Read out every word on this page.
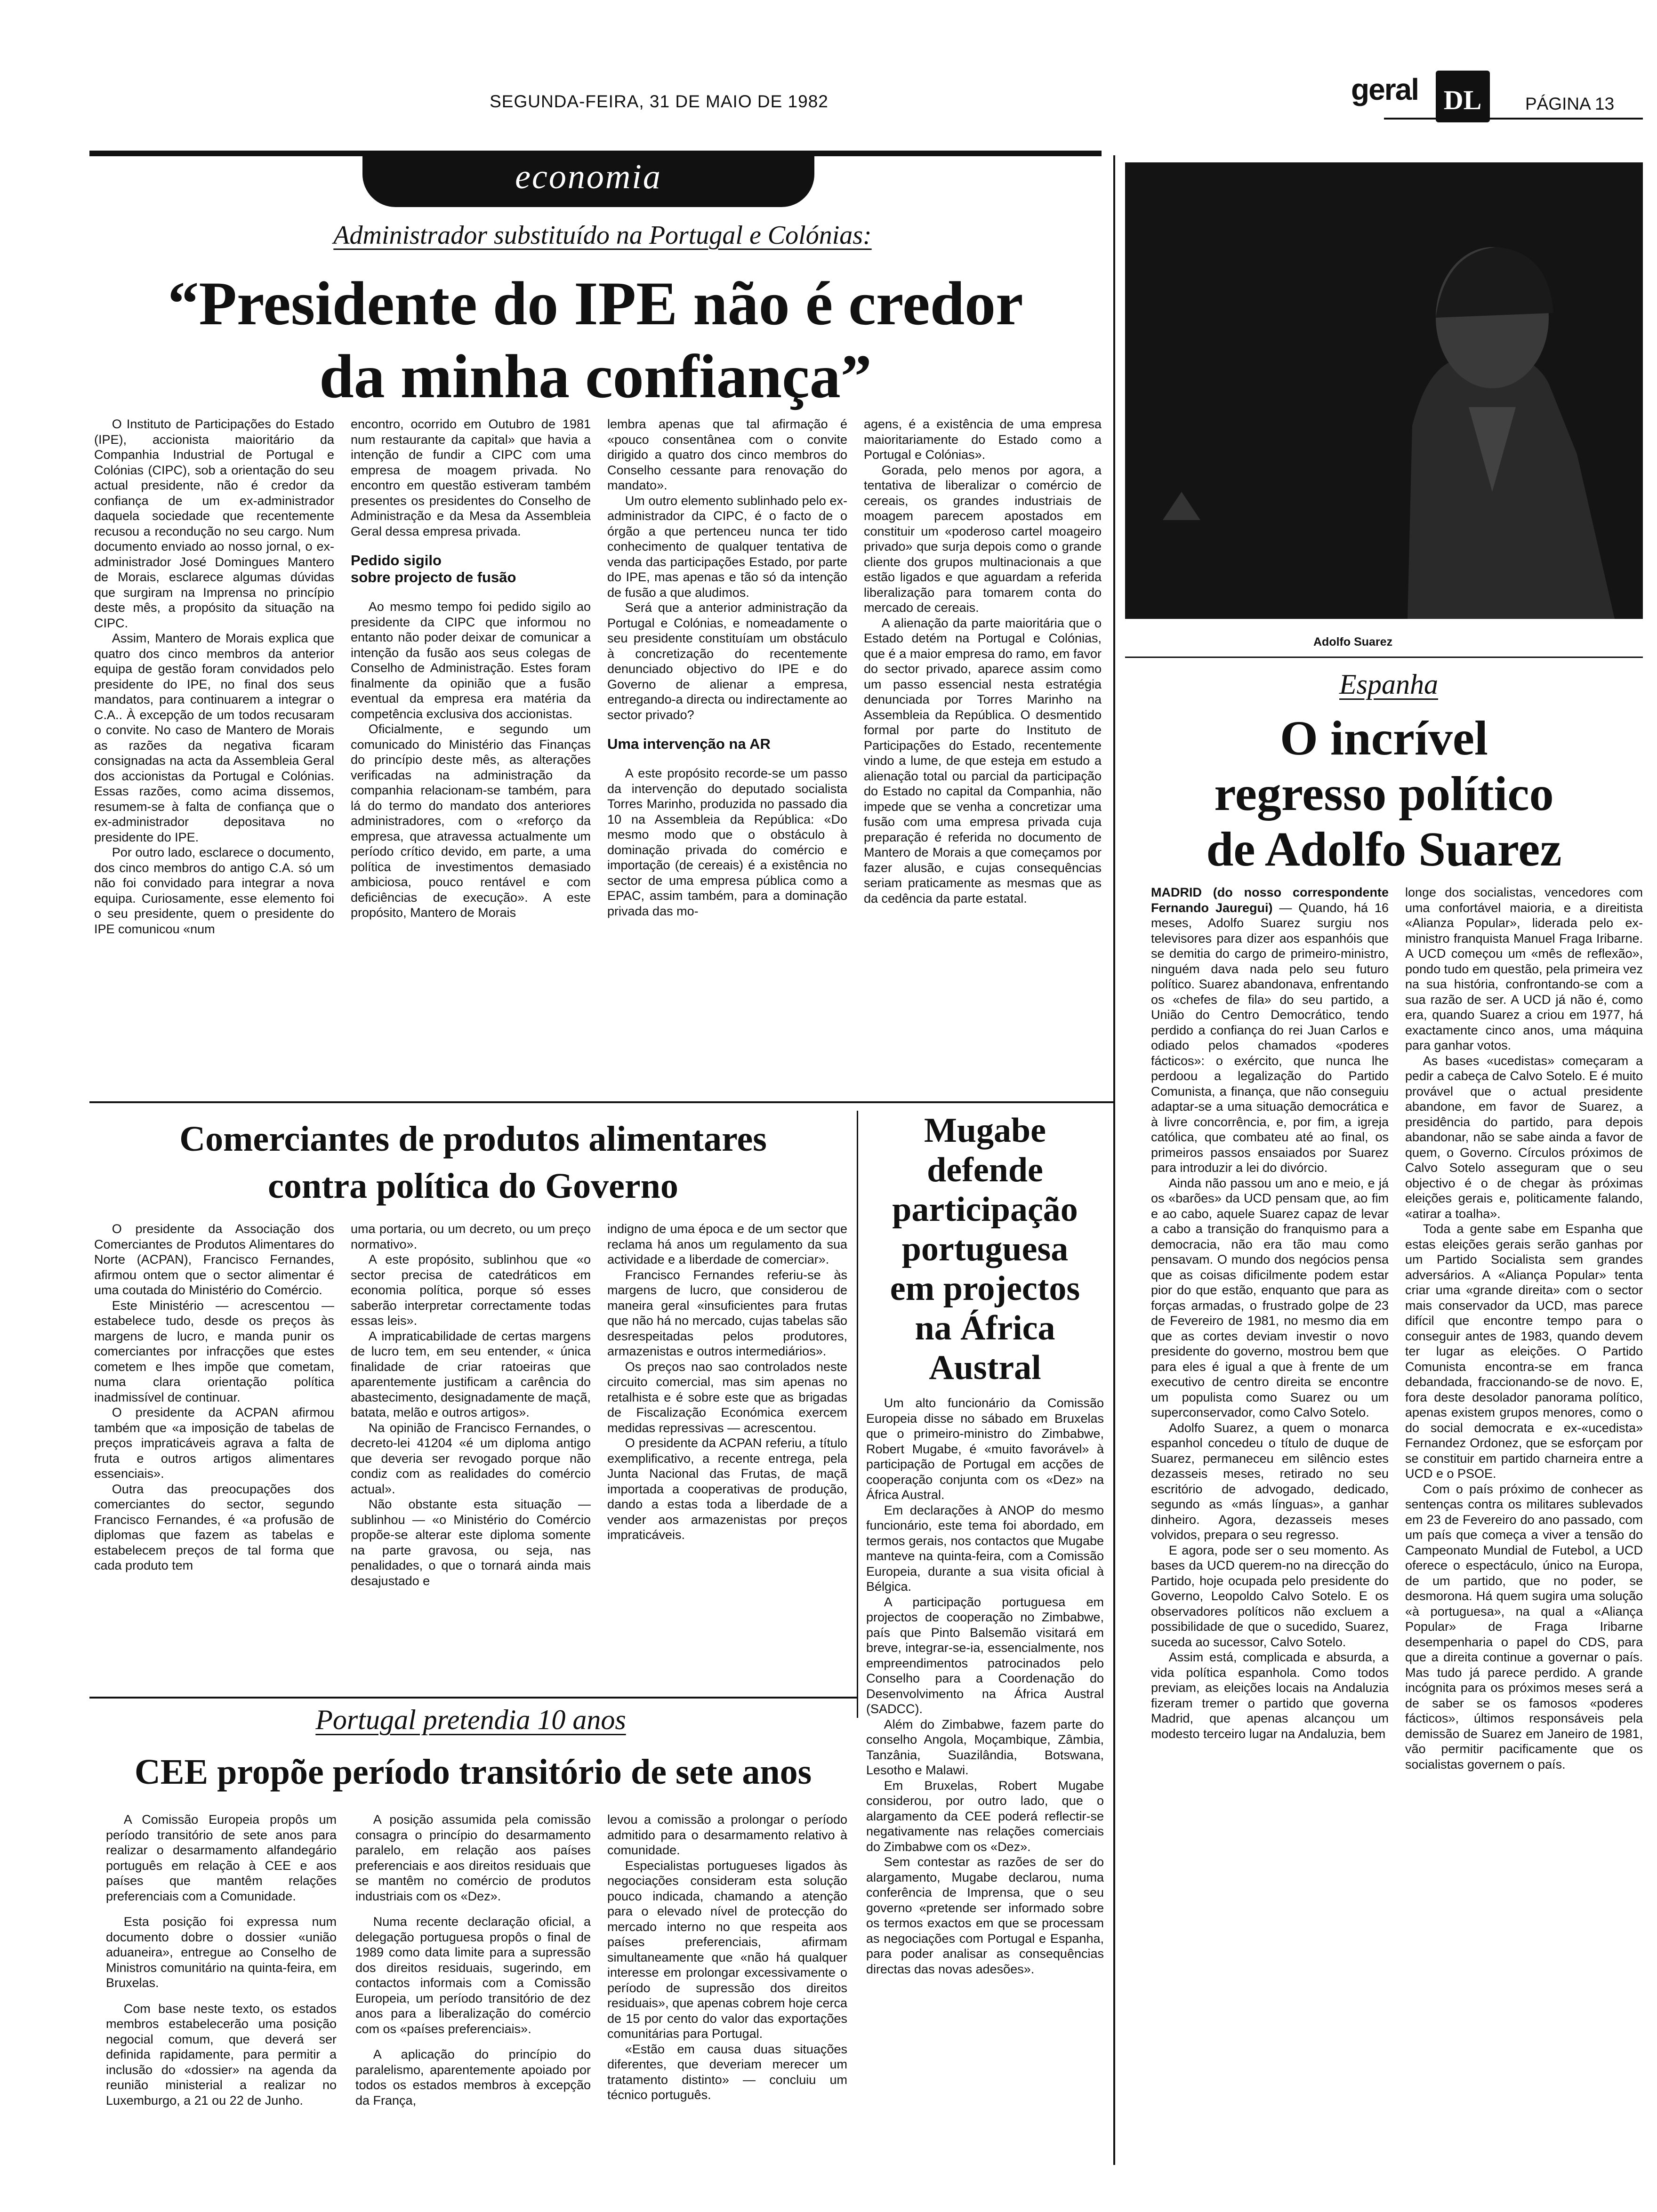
SEGUNDA-FEIRA, 31 DE MAIO DE 1982	geral DL	PÁGINA 13
economia
Administrador substituído na Portugal e Colónias:
“Presidente do IPE não é credor
da minha confiança”

O Instituto de Participações do Estado (IPE), accionista maioritário da Companhia Industrial de Portugal e Colónias (CIPC), sob a orientação do seu actual presidente, não é credor da confiança de um ex-administrador daquela sociedade que recentemente recusou a recondução no seu cargo. Num documento enviado ao nosso jornal, o ex-administrador José Domingues Mantero de Morais, esclarece algumas dúvidas que surgiram na Imprensa no princípio deste mês, a propósito da situação na CIPC.

Assim, Mantero de Morais explica que quatro dos cinco membros da anterior equipa de gestão foram convidados pelo presidente do IPE, no final dos seus mandatos, para continuarem a integrar o C.A.. À excepção de um todos recusaram o convite. No caso de Mantero de Morais as razões da negativa ficaram consignadas na acta da Assembleia Geral dos accionistas da Portugal e Colónias. Essas razões, como acima dissemos, resumem-se à falta de confiança que o ex-administrador depositava no presidente do IPE.

Por outro lado, esclarece o documento, dos cinco membros do antigo C.A. só um não foi convidado para integrar a nova equipa. Curiosamente, esse elemento foi o seu presidente, quem o presidente do IPE comunicou «num

encontro, ocorrido em Outubro de 1981 num restaurante da capital» que havia a intenção de fundir a CIPC com uma empresa de moagem privada. No encontro em questão estiveram também presentes os presidentes do Conselho de Administração e da Mesa da Assembleia Geral dessa empresa privada.

Pedido sigilo
sobre projecto de fusão

Ao mesmo tempo foi pedido sigilo ao presidente da CIPC que informou no entanto não poder deixar de comunicar a intenção da fusão aos seus colegas de Conselho de Administração. Estes foram finalmente da opinião que a fusão eventual da empresa era matéria da competência exclusiva dos accionistas.

Oficialmente, e segundo um comunicado do Ministério das Finanças do princípio deste mês, as alterações verificadas na administração da companhia relacionam-se também, para lá do termo do mandato dos anteriores administradores, com o «reforço da empresa, que atravessa actualmente um período crítico devido, em parte, a uma política de investimentos demasiado ambiciosa, pouco rentável e com deficiências de execução». A este propósito, Mantero de Morais

lembra apenas que tal afirmação é «pouco consentânea com o convite dirigido a quatro dos cinco membros do Conselho cessante para renovação do mandato».

Um outro elemento sublinhado pelo ex-administrador da CIPC, é o facto de o órgão a que pertenceu nunca ter tido conhecimento de qualquer tentativa de venda das participações Estado, por parte do IPE, mas apenas e tão só da intenção de fusão a que aludimos.

Será que a anterior administração da Portugal e Colónias, e nomeadamente o seu presidente constituíam um obstáculo à concretização do recentemente denunciado objectivo do IPE e do Governo de alienar a empresa, entregando-a directa ou indirectamente ao sector privado?

Uma intervenção na AR

A este propósito recorde-se um passo da intervenção do deputado socialista Torres Marinho, produzida no passado dia 10 na Assembleia da República: «Do mesmo modo que o obstáculo à dominação privada do comércio e importação (de cereais) é a existência no sector de uma empresa pública como a EPAC, assim também, para a dominação privada das mo-

agens, é a existência de uma empresa maioritariamente do Estado como a Portugal e Colónias».

Gorada, pelo menos por agora, a tentativa de liberalizar o comércio de cereais, os grandes industriais de moagem parecem apostados em constituir um «poderoso cartel moageiro privado» que surja depois como o grande cliente dos grupos multinacionais a que estão ligados e que aguardam a referida liberalização para tomarem conta do mercado de cereais.

A alienação da parte maioritária que o Estado detém na Portugal e Colónias, que é a maior empresa do ramo, em favor do sector privado, aparece assim como um passo essencial nesta estratégia denunciada por Torres Marinho na Assembleia da República. O desmentido formal por parte do Instituto de Participações do Estado, recentemente vindo a lume, de que esteja em estudo a alienação total ou parcial da participação do Estado no capital da Companhia, não impede que se venha a concretizar uma fusão com uma empresa privada cuja preparação é referida no documento de Mantero de Morais a que começamos por fazer alusão, e cujas consequências seriam praticamente as mesmas que as da cedência da parte estatal.

Adolfo Suarez
Espanha
O incrível
regresso político
de Adolfo Suarez

MADRID (do nosso correspondente Fernando Jauregui) — Quando, há 16 meses, Adolfo Suarez surgiu nos televisores para dizer aos espanhóis que se demitia do cargo de primeiro-ministro, ninguém dava nada pelo seu futuro político. Suarez abandonava, enfrentando os «chefes de fila» do seu partido, a União do Centro Democrático, tendo perdido a confiança do rei Juan Carlos e odiado pelos chamados «poderes fácticos»: o exército, que nunca lhe perdoou a legalização do Partido Comunista, a finança, que não conseguiu adaptar-se a uma situação democrática e à livre concorrência, e, por fim, a igreja católica, que combateu até ao final, os primeiros passos ensaiados por Suarez para introduzir a lei do divórcio.

Ainda não passou um ano e meio, e já os «barões» da UCD pensam que, ao fim e ao cabo, aquele Suarez capaz de levar a cabo a transição do franquismo para a democracia, não era tão mau como pensavam. O mundo dos negócios pensa que as coisas dificilmente podem estar pior do que estão, enquanto que para as forças armadas, o frustrado golpe de 23 de Fevereiro de 1981, no mesmo dia em que as cortes deviam investir o novo presidente do governo, mostrou bem que para eles é igual a que à frente de um executivo de centro direita se encontre um populista como Suarez ou um superconservador, como Calvo Sotelo.

Adolfo Suarez, a quem o monarca espanhol concedeu o título de duque de Suarez, permaneceu em silêncio estes dezasseis meses, retirado no seu escritório de advogado, dedicado, segundo as «más línguas», a ganhar dinheiro. Agora, dezasseis meses volvidos, prepara o seu regresso.

E agora, pode ser o seu momento. As bases da UCD querem-no na direcção do Partido, hoje ocupada pelo presidente do Governo, Leopoldo Calvo Sotelo. E os observadores políticos não excluem a possibilidade de que o sucedido, Suarez, suceda ao sucessor, Calvo Sotelo.

Assim está, complicada e absurda, a vida política espanhola. Como todos previam, as eleições locais na Andaluzia fizeram tremer o partido que governa Madrid, que apenas alcançou um modesto terceiro lugar na Andaluzia, bem

longe dos socialistas, vencedores com uma confortável maioria, e a direitista «Alianza Popular», liderada pelo ex-ministro franquista Manuel Fraga Iribarne. A UCD começou um «mês de reflexão», pondo tudo em questão, pela primeira vez na sua história, confrontando-se com a sua razão de ser. A UCD já não é, como era, quando Suarez a criou em 1977, há exactamente cinco anos, uma máquina para ganhar votos.

As bases «ucedistas» começaram a pedir a cabeça de Calvo Sotelo. E é muito provável que o actual presidente abandone, em favor de Suarez, a presidência do partido, para depois abandonar, não se sabe ainda a favor de quem, o Governo. Círculos próximos de Calvo Sotelo asseguram que o seu objectivo é o de chegar às próximas eleições gerais e, politicamente falando, «atirar a toalha».

Toda a gente sabe em Espanha que estas eleições gerais serão ganhas por um Partido Socialista sem grandes adversários. A «Aliança Popular» tenta criar uma «grande direita» com o sector mais conservador da UCD, mas parece difícil que encontre tempo para o conseguir antes de 1983, quando devem ter lugar as eleições. O Partido Comunista encontra-se em franca debandada, fraccionando-se de novo. E, fora deste desolador panorama político, apenas existem grupos menores, como o do social democrata e ex-«ucedista» Fernandez Ordonez, que se esforçam por se constituir em partido charneira entre a UCD e o PSOE.

Com o país próximo de conhecer as sentenças contra os militares sublevados em 23 de Fevereiro do ano passado, com um país que começa a viver a tensão do Campeonato Mundial de Futebol, a UCD oferece o espectáculo, único na Europa, de um partido, que no poder, se desmorona. Há quem sugira uma solução «à portuguesa», na qual a «Aliança Popular» de Fraga Iribarne desempenharia o papel do CDS, para que a direita continue a governar o país. Mas tudo já parece perdido. A grande incógnita para os próximos meses será a de saber se os famosos «poderes fácticos», últimos responsáveis pela demissão de Suarez em Janeiro de 1981, vão permitir pacificamente que os socialistas governem o país.

Comerciantes de produtos alimentares
contra política do Governo

O presidente da Associação dos Comerciantes de Produtos Alimentares do Norte (ACPAN), Francisco Fernandes, afirmou ontem que o sector alimentar é uma coutada do Ministério do Comércio.

Este Ministério — acrescentou — estabelece tudo, desde os preços às margens de lucro, e manda punir os comerciantes por infracções que estes cometem e lhes impõe que cometam, numa clara orientação política inadmissível de continuar.

O presidente da ACPAN afirmou também que «a imposição de tabelas de preços impraticáveis agrava a falta de fruta e outros artigos alimentares essenciais».

Outra das preocupações dos comerciantes do sector, segundo Francisco Fernandes, é «a profusão de diplomas que fazem as tabelas e estabelecem preços de tal forma que cada produto tem

uma portaria, ou um decreto, ou um preço normativo».

A este propósito, sublinhou que «o sector precisa de catedráticos em economia política, porque só esses saberão interpretar correctamente todas essas leis».

A impraticabilidade de certas margens de lucro tem, em seu entender, « única finalidade de criar ratoeiras que aparentemente justificam a carência do abastecimento, designadamente de maçã, batata, melão e outros artigos».

Na opinião de Francisco Fernandes, o decreto-lei 41204 «é um diploma antigo que deveria ser revogado porque não condiz com as realidades do comércio actual».

Não obstante esta situação — sublinhou — «o Ministério do Comércio propõe-se alterar este diploma somente na parte gravosa, ou seja, nas penalidades, o que o tornará ainda mais desajustado e

indigno de uma época e de um sector que reclama há anos um regulamento da sua actividade e a liberdade de comerciar».

Francisco Fernandes referiu-se às margens de lucro, que considerou de maneira geral «insuficientes para frutas que não há no mercado, cujas tabelas são desrespeitadas pelos produtores, armazenistas e outros intermediários».

Os preços nao sao controlados neste circuito comercial, mas sim apenas no retalhista e é sobre este que as brigadas de Fiscalização Económica exercem medidas repressivas — acrescentou.

O presidente da ACPAN referiu, a título exemplificativo, a recente entrega, pela Junta Nacional das Frutas, de maçã importada a cooperativas de produção, dando a estas toda a liberdade de a vender aos armazenistas por preços impraticáveis.

Mugabe
defende
participação
portuguesa
em projectos
na África
Austral

Um alto funcionário da Comissão Europeia disse no sábado em Bruxelas que o primeiro-ministro do Zimbabwe, Robert Mugabe, é «muito favorável» à participação de Portugal em acções de cooperação conjunta com os «Dez» na África Austral.

Em declarações à ANOP do mesmo funcionário, este tema foi abordado, em termos gerais, nos contactos que Mugabe manteve na quinta-feira, com a Comissão Europeia, durante a sua visita oficial à Bélgica.

A participação portuguesa em projectos de cooperação no Zimbabwe, país que Pinto Balsemão visitará em breve, integrar-se-ia, essencialmente, nos empreendimentos patrocinados pelo Conselho para a Coordenação do Desenvolvimento na África Austral (SADCC).

Além do Zimbabwe, fazem parte do conselho Angola, Moçambique, Zâmbia, Tanzânia, Suazilândia, Botswana, Lesotho e Malawi.

Em Bruxelas, Robert Mugabe considerou, por outro lado, que o alargamento da CEE poderá reflectir-se negativamente nas relações comerciais do Zimbabwe com os «Dez».

Sem contestar as razões de ser do alargamento, Mugabe declarou, numa conferência de Imprensa, que o seu governo «pretende ser informado sobre os termos exactos em que se processam as negociações com Portugal e Espanha, para poder analisar as consequências directas das novas adesões».

Portugal pretendia 10 anos
CEE propõe período transitório de sete anos

A Comissão Europeia propôs um período transitório de sete anos para realizar o desarmamento alfandegário português em relação à CEE e aos países que mantêm relações preferenciais com a Comunidade.

Esta posição foi expressa num documento dobre o dossier «união aduaneira», entregue ao Conselho de Ministros comunitário na quinta-feira, em Bruxelas.

Com base neste texto, os estados membros estabelecerão uma posição negocial comum, que deverá ser definida rapidamente, para permitir a inclusão do «dossier» na agenda da reunião ministerial a realizar no Luxemburgo, a 21 ou 22 de Junho.

A posição assumida pela comissão consagra o princípio do desarmamento paralelo, em relação aos países preferenciais e aos direitos residuais que se mantêm no comércio de produtos industriais com os «Dez».

Numa recente declaração oficial, a delegação portuguesa propôs o final de 1989 como data limite para a supressão dos direitos residuais, sugerindo, em contactos informais com a Comissão Europeia, um período transitório de dez anos para a liberalização do comércio com os «países preferenciais».

A aplicação do princípio do paralelismo, aparentemente apoiado por todos os estados membros à excepção da França,

levou a comissão a prolongar o período admitido para o desarmamento relativo à comunidade.

Especialistas portugueses ligados às negociações consideram esta solução pouco indicada, chamando a atenção para o elevado nível de protecção do mercado interno no que respeita aos países preferenciais, afirmam simultaneamente que «não há qualquer interesse em prolongar excessivamente o período de supressão dos direitos residuais», que apenas cobrem hoje cerca de 15 por cento do valor das exportações comunitárias para Portugal.

«Estão em causa duas situações diferentes, que deveriam merecer um tratamento distinto» — concluiu um técnico português.
